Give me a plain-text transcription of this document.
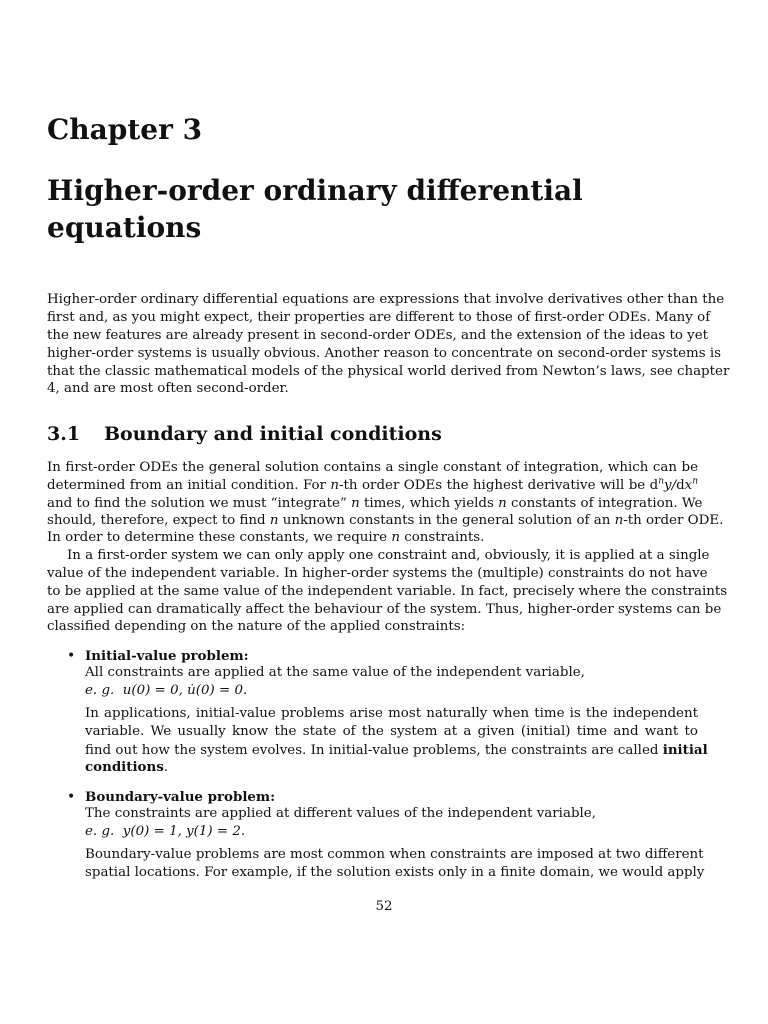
Chapter 3
Higher-order ordinary differential equations
Higher-order ordinary differential equations are expressions that involve derivatives other than the
first and, as you might expect, their properties are different to those of first-order ODEs. Many of
the new features are already present in second-order ODEs, and the extension of the ideas to yet
higher-order systems is usually obvious. Another reason to concentrate on second-order systems is
that the classic mathematical models of the physical world derived from Newton’s laws, see chapter
4, and are most often second-order.
3.1 Boundary and initial conditions
In first-order ODEs the general solution contains a single constant of integration, which can be
determined from an initial condition. For n-th order ODEs the highest derivative will be $d^ny/dx^n$
and to find the solution we must “integrate” n times, which yields n constants of integration. We
should, therefore, expect to find n unknown constants in the general solution of an n-th order ODE.
In order to determine these constants, we require n constraints.
In a first-order system we can only apply one constraint and, obviously, it is applied at a single
value of the independent variable. In higher-order systems the (multiple) constraints do not have
to be applied at the same value of the independent variable. In fact, precisely where the constraints
are applied can dramatically affect the behaviour of the system. Thus, higher-order systems can be
classified depending on the nature of the applied constraints:
• Initial-value problem:
All constraints are applied at the same value of the independent variable,
e. g. u(0) = 0, u̇(0) = 0.
In applications, initial-value problems arise most naturally when time is the independent
variable. We usually know the state of the system at a given (initial) time and want to
find out how the system evolves. In initial-value problems, the constraints are called initial
conditions.
• Boundary-value problem:
The constraints are applied at different values of the independent variable,
e. g. y(0) = 1, y(1) = 2.
Boundary-value problems are most common when constraints are imposed at two different
spatial locations. For example, if the solution exists only in a finite domain, we would apply
52
